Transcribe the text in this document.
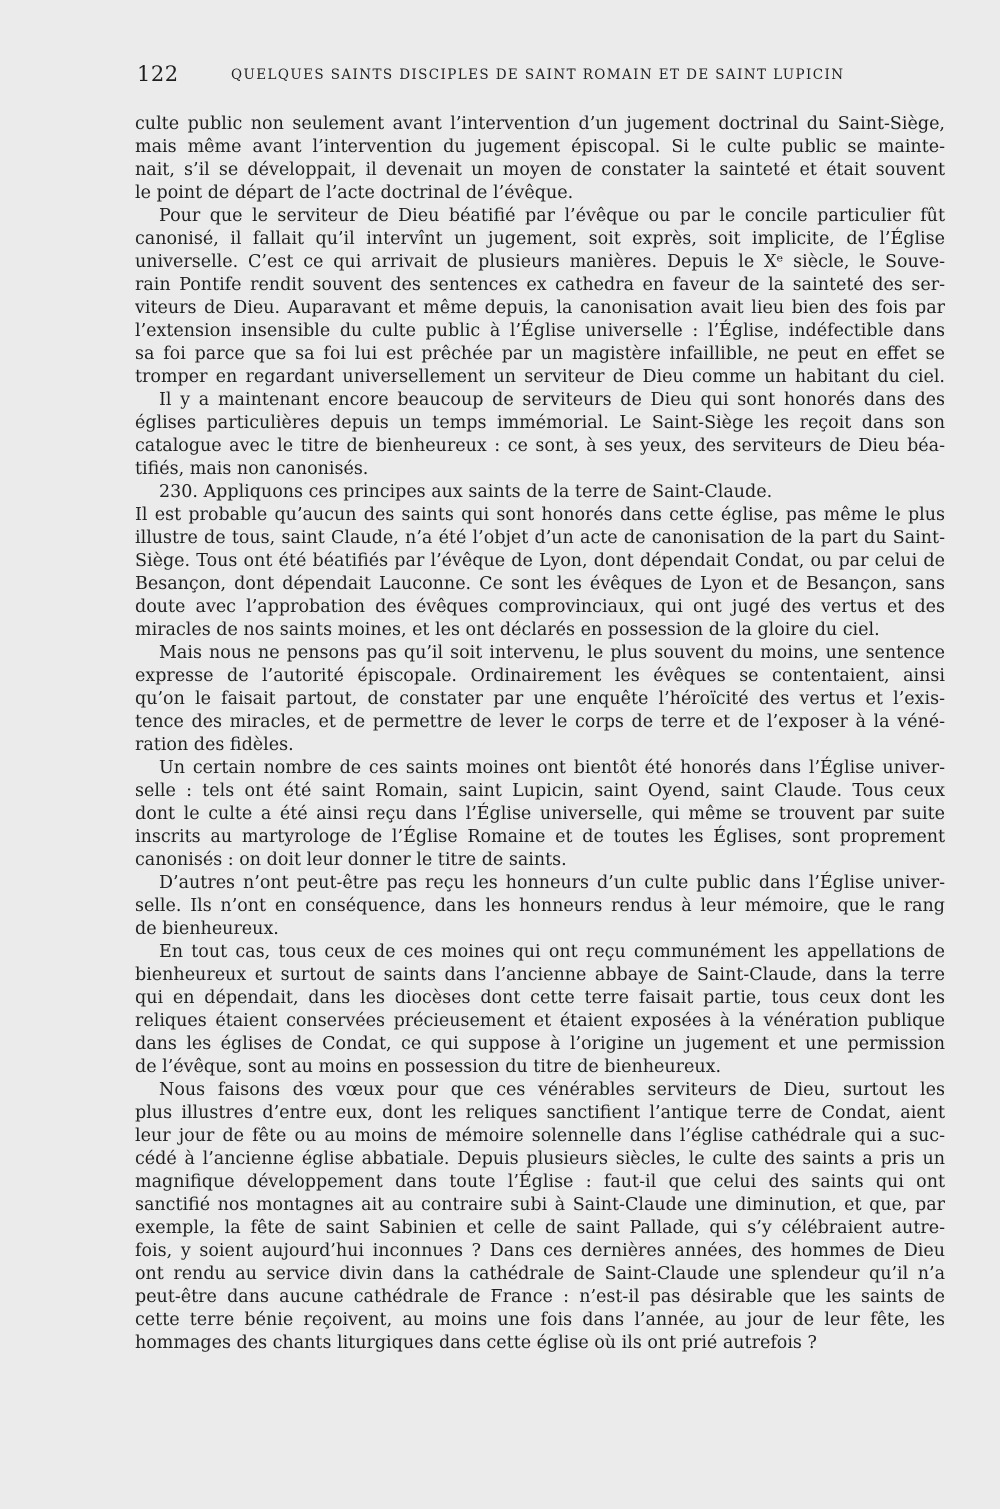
122	QUELQUES SAINTS DISCIPLES DE SAINT ROMAIN ET DE SAINT LUPICIN
culte public non seulement avant l’intervention d’un jugement doctrinal du Saint-Siège,
mais même avant l’intervention du jugement épiscopal. Si le culte public se mainte-
nait, s’il se développait, il devenait un moyen de constater la sainteté et était souvent
le point de départ de l’acte doctrinal de l’évêque.
Pour que le serviteur de Dieu béatifié par l’évêque ou par le concile particulier fût
canonisé, il fallait qu’il intervînt un jugement, soit exprès, soit implicite, de l’Église
universelle. C’est ce qui arrivait de plusieurs manières. Depuis le Xᵉ siècle, le Souve-
rain Pontife rendit souvent des sentences ex cathedra en faveur de la sainteté des ser-
viteurs de Dieu. Auparavant et même depuis, la canonisation avait lieu bien des fois par
l’extension insensible du culte public à l’Église universelle : l’Église, indéfectible dans
sa foi parce que sa foi lui est prêchée par un magistère infaillible, ne peut en effet se
tromper en regardant universellement un serviteur de Dieu comme un habitant du ciel.
Il y a maintenant encore beaucoup de serviteurs de Dieu qui sont honorés dans des
églises particulières depuis un temps immémorial. Le Saint-Siège les reçoit dans son
catalogue avec le titre de bienheureux : ce sont, à ses yeux, des serviteurs de Dieu béa-
tifiés, mais non canonisés.
230. Appliquons ces principes aux saints de la terre de Saint-Claude.
Il est probable qu’aucun des saints qui sont honorés dans cette église, pas même le plus
illustre de tous, saint Claude, n’a été l’objet d’un acte de canonisation de la part du Saint-
Siège. Tous ont été béatifiés par l’évêque de Lyon, dont dépendait Condat, ou par celui de
Besançon, dont dépendait Lauconne. Ce sont les évêques de Lyon et de Besançon, sans
doute avec l’approbation des évêques comprovinciaux, qui ont jugé des vertus et des
miracles de nos saints moines, et les ont déclarés en possession de la gloire du ciel.
Mais nous ne pensons pas qu’il soit intervenu, le plus souvent du moins, une sentence
expresse de l’autorité épiscopale. Ordinairement les évêques se contentaient, ainsi
qu’on le faisait partout, de constater par une enquête l’héroïcité des vertus et l’exis-
tence des miracles, et de permettre de lever le corps de terre et de l’exposer à la véné-
ration des fidèles.
Un certain nombre de ces saints moines ont bientôt été honorés dans l’Église univer-
selle : tels ont été saint Romain, saint Lupicin, saint Oyend, saint Claude. Tous ceux
dont le culte a été ainsi reçu dans l’Église universelle, qui même se trouvent par suite
inscrits au martyrologe de l’Église Romaine et de toutes les Églises, sont proprement
canonisés : on doit leur donner le titre de saints.
D’autres n’ont peut-être pas reçu les honneurs d’un culte public dans l’Église univer-
selle. Ils n’ont en conséquence, dans les honneurs rendus à leur mémoire, que le rang
de bienheureux.
En tout cas, tous ceux de ces moines qui ont reçu communément les appellations de
bienheureux et surtout de saints dans l’ancienne abbaye de Saint-Claude, dans la terre
qui en dépendait, dans les diocèses dont cette terre faisait partie, tous ceux dont les
reliques étaient conservées précieusement et étaient exposées à la vénération publique
dans les églises de Condat, ce qui suppose à l’origine un jugement et une permission
de l’évêque, sont au moins en possession du titre de bienheureux.
Nous faisons des vœux pour que ces vénérables serviteurs de Dieu, surtout les
plus illustres d’entre eux, dont les reliques sanctifient l’antique terre de Condat, aient
leur jour de fête ou au moins de mémoire solennelle dans l’église cathédrale qui a suc-
cédé à l’ancienne église abbatiale. Depuis plusieurs siècles, le culte des saints a pris un
magnifique développement dans toute l’Église : faut-il que celui des saints qui ont
sanctifié nos montagnes ait au contraire subi à Saint-Claude une diminution, et que, par
exemple, la fête de saint Sabinien et celle de saint Pallade, qui s’y célébraient autre-
fois, y soient aujourd’hui inconnues ? Dans ces dernières années, des hommes de Dieu
ont rendu au service divin dans la cathédrale de Saint-Claude une splendeur qu’il n’a
peut-être dans aucune cathédrale de France : n’est-il pas désirable que les saints de
cette terre bénie reçoivent, au moins une fois dans l’année, au jour de leur fête, les
hommages des chants liturgiques dans cette église où ils ont prié autrefois ?
